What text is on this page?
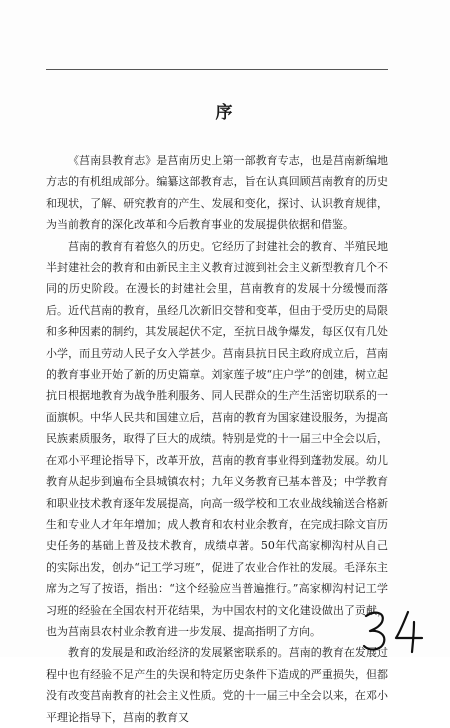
序

《莒南县教育志》是莒南历史上第一部教育专志，也是莒南新编地方志的有机组成部分。编纂这部教育志，旨在认真回顾莒南教育的历史和现状，了解、研究教育的产生、发展和变化，探讨、认识教育规律，为当前教育的深化改革和今后教育事业的发展提供依据和借鉴。

莒南的教育有着悠久的历史。它经历了封建社会的教育、半殖民地半封建社会的教育和由新民主主义教育过渡到社会主义新型教育几个不同的历史阶段。在漫长的封建社会里，莒南教育的发展十分缓慢而落后。近代莒南的教育，虽经几次新旧交替和变革，但由于受历史的局限和多种因素的制约，其发展起伏不定，至抗日战争爆发，每区仅有几处小学，而且劳动人民子女入学甚少。莒南县抗日民主政府成立后，莒南的教育事业开始了新的历史篇章。刘家莲子坡“庄户学”的创建，树立起抗日根据地教育为战争胜利服务、同人民群众的生产生活密切联系的一面旗帜。中华人民共和国建立后，莒南的教育为国家建设服务，为提高民族素质服务，取得了巨大的成绩。特别是党的十一届三中全会以后，在邓小平理论指导下，改革开放，莒南的教育事业得到蓬勃发展。幼儿教育从起步到遍布全县城镇农村；九年义务教育已基本普及；中学教育和职业技术教育逐年发展提高，向高一级学校和工农业战线输送合格新生和专业人才年年增加；成人教育和农村业余教育，在完成扫除文盲历史任务的基础上普及技术教育，成绩卓著。50年代高家柳沟村从自己的实际出发，创办“记工学习班”，促进了农业合作社的发展。毛泽东主席为之写了按语，指出：“这个经验应当普遍推行。”高家柳沟村记工学习班的经验在全国农村开花结果，为中国农村的文化建设做出了贡献，也为莒南县农村业余教育进一步发展、提高指明了方向。

教育的发展是和政治经济的发展紧密联系的。莒南的教育在发展过程中也有经验不足产生的失误和特定历史条件下造成的严重损失，但都没有改变莒南教育的社会主义性质。党的十一届三中全会以来，在邓小平理论指导下，莒南的教育又
